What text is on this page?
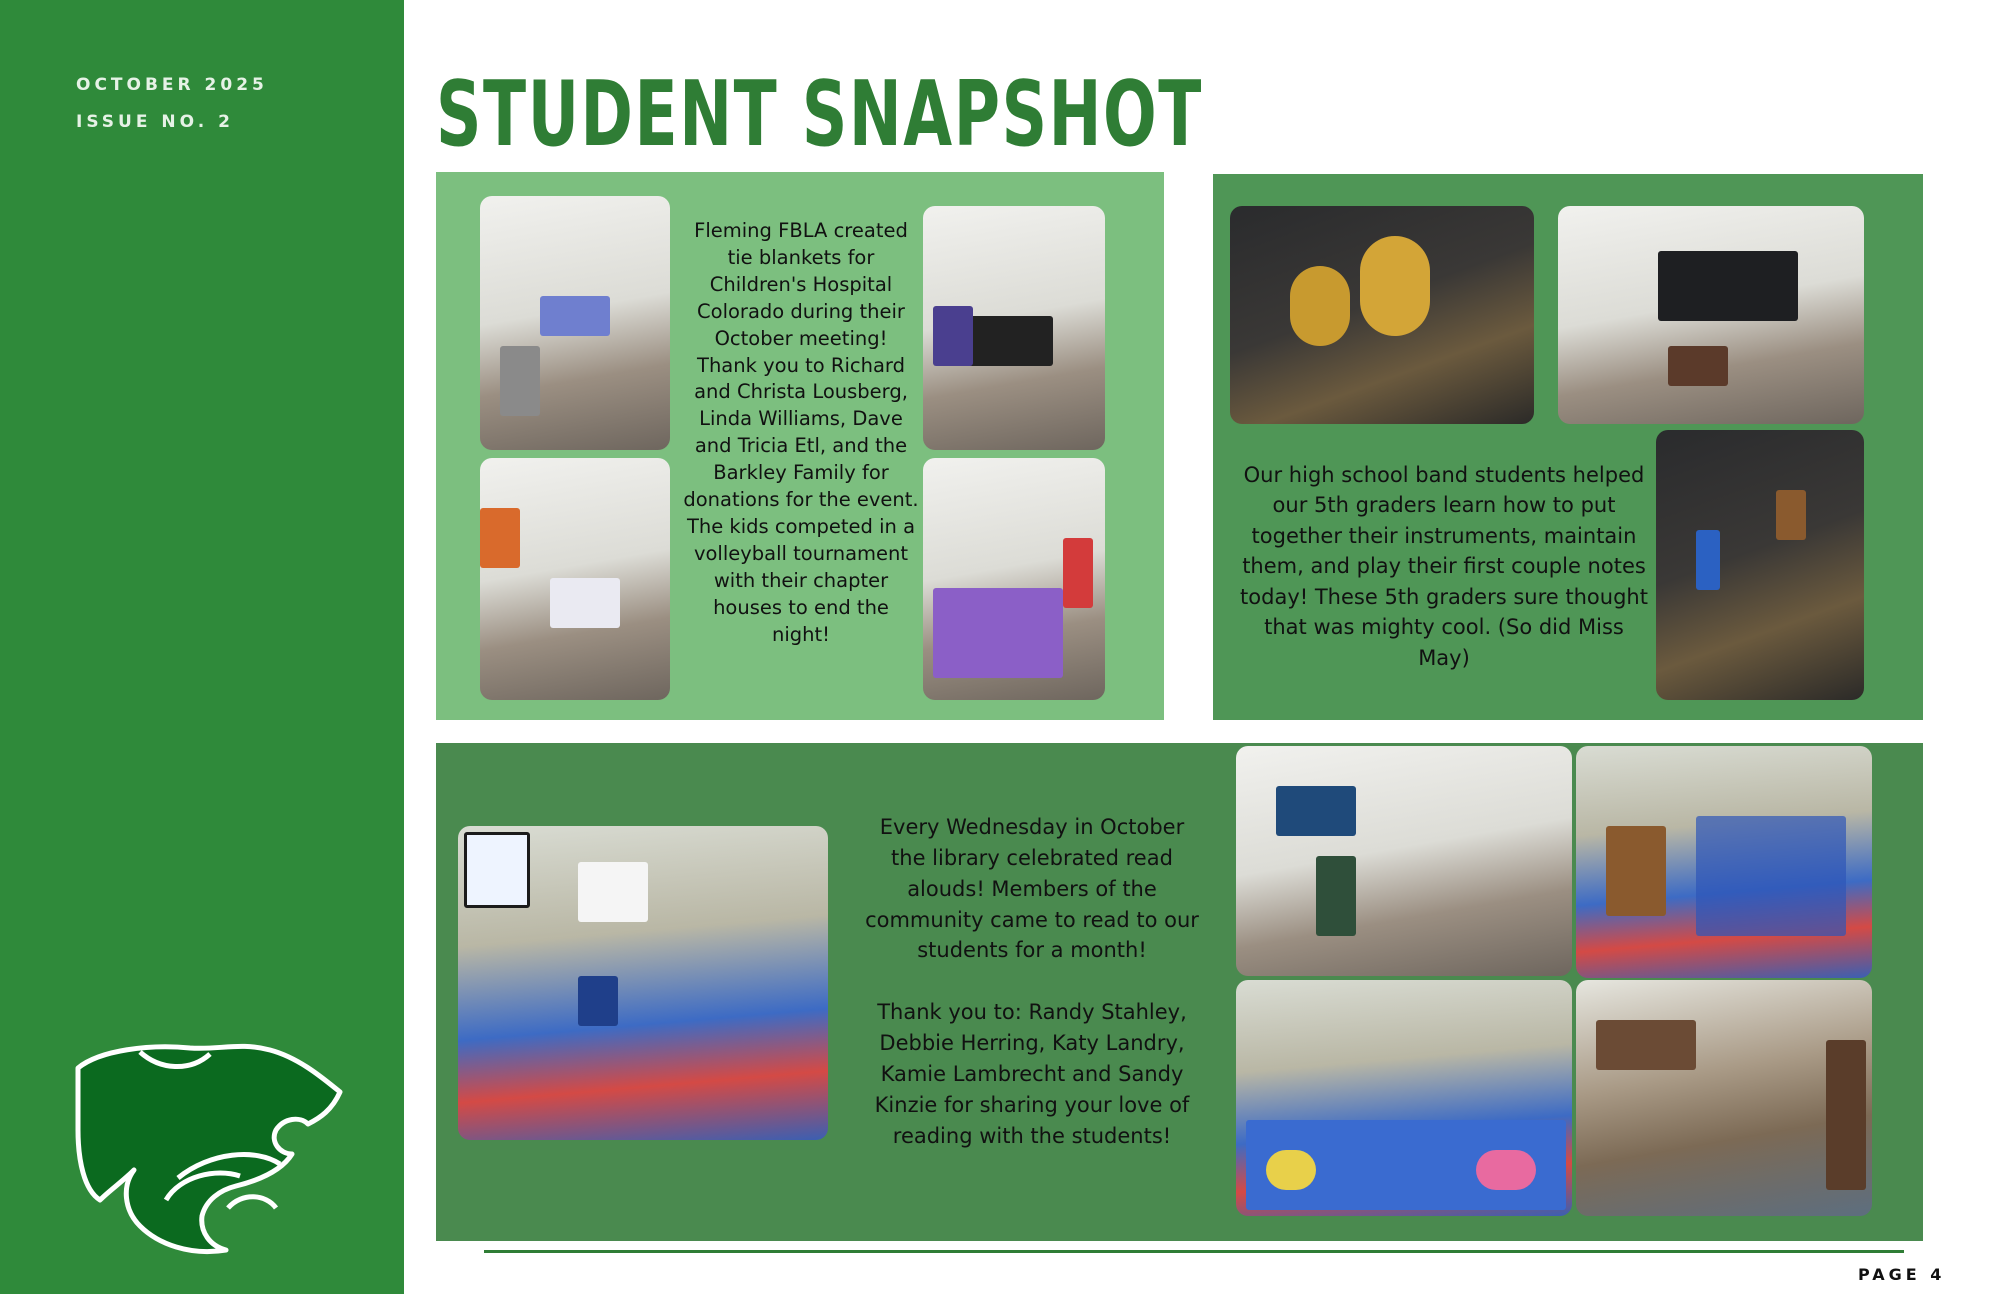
OCTOBER 2025
ISSUE NO. 2 STUDENT SNAPSHOT
Fleming FBLA created tie blankets for Children's Hospital Colorado during their October meeting! Thank you to Richard and Christa Lousberg, Linda Williams, Dave and Tricia Etl, and the Barkley Family for donations for the event. The kids competed in a volleyball tournament with their chapter houses to end the night!
Our high school band students helped our 5th graders learn how to put together their instruments, maintain them, and play their first couple notes today! These 5th graders sure thought that was mighty cool. (So did Miss May)

Every Wednesday in October the library celebrated read alouds! Members of the community came to read to our students for a month!

Thank you to: Randy Stahley, Debbie Herring, Katy Landry, Kamie Lambrecht and Sandy Kinzie for sharing your love of reading with the students!

PAGE 4
